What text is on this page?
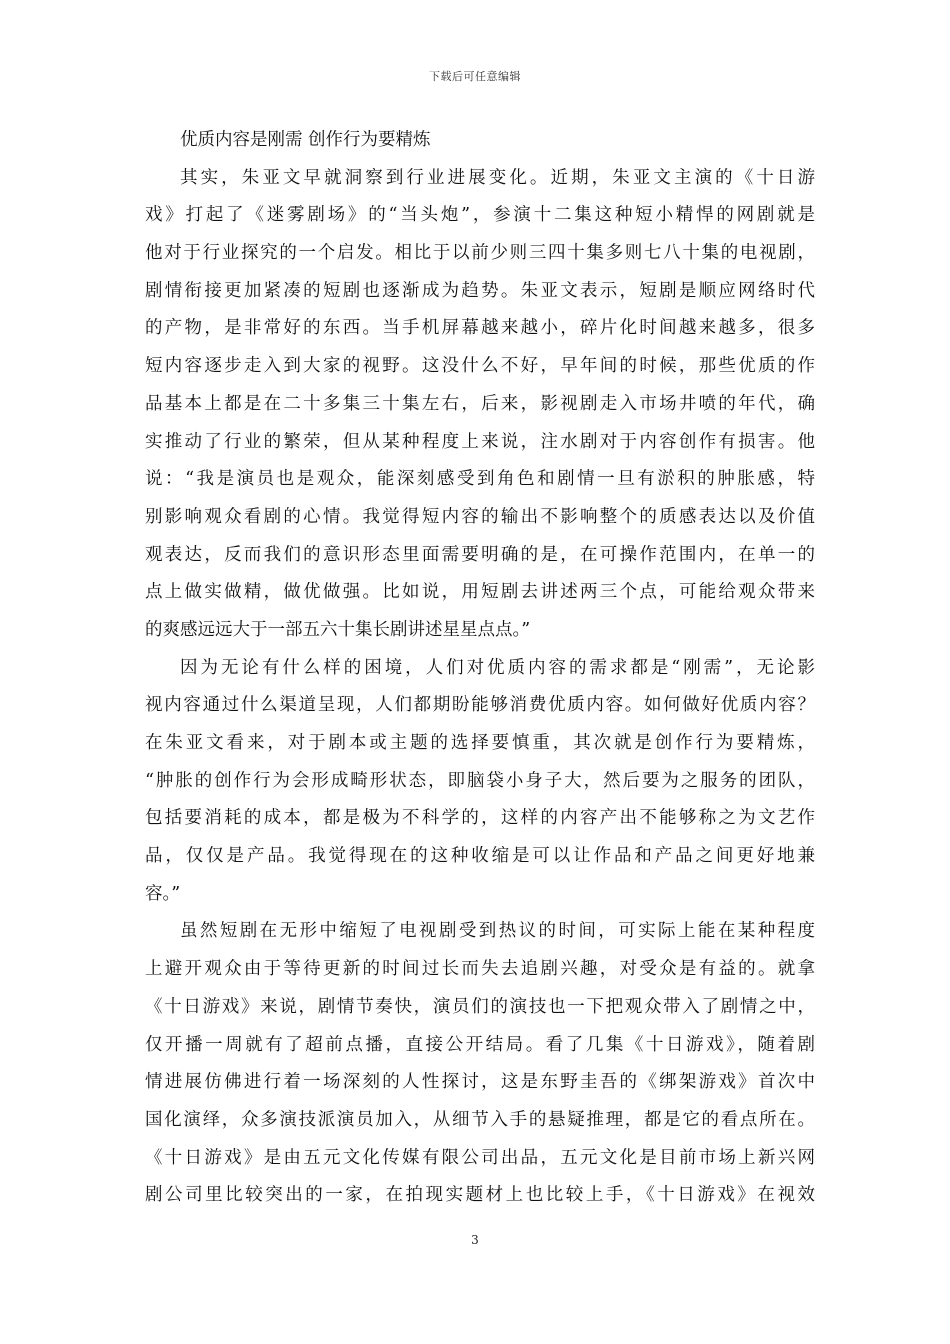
下载后可任意编辑
优质内容是刚需 创作行为要精炼
其实，朱亚文早就洞察到行业进展变化。近期，朱亚文主演的《十日游
戏》打起了《迷雾剧场》的“当头炮”，参演十二集这种短小精悍的网剧就是
他对于行业探究的一个启发。相比于以前少则三四十集多则七八十集的电视剧，
剧情衔接更加紧凑的短剧也逐渐成为趋势。朱亚文表示，短剧是顺应网络时代
的产物，是非常好的东西。当手机屏幕越来越小，碎片化时间越来越多，很多
短内容逐步走入到大家的视野。这没什么不好，早年间的时候，那些优质的作
品基本上都是在二十多集三十集左右，后来，影视剧走入市场井喷的年代，确
实推动了行业的繁荣，但从某种程度上来说，注水剧对于内容创作有损害。他
说：“我是演员也是观众，能深刻感受到角色和剧情一旦有淤积的肿胀感，特
别影响观众看剧的心情。我觉得短内容的输出不影响整个的质感表达以及价值
观表达，反而我们的意识形态里面需要明确的是，在可操作范围内，在单一的
点上做实做精，做优做强。比如说，用短剧去讲述两三个点，可能给观众带来
的爽感远远大于一部五六十集长剧讲述星星点点。”
因为无论有什么样的困境，人们对优质内容的需求都是“刚需”，无论影
视内容通过什么渠道呈现，人们都期盼能够消费优质内容。如何做好优质内容？
在朱亚文看来，对于剧本或主题的选择要慎重，其次就是创作行为要精炼，
“肿胀的创作行为会形成畸形状态，即脑袋小身子大，然后要为之服务的团队，
包括要消耗的成本，都是极为不科学的，这样的内容产出不能够称之为文艺作
品，仅仅是产品。我觉得现在的这种收缩是可以让作品和产品之间更好地兼
容。”
虽然短剧在无形中缩短了电视剧受到热议的时间，可实际上能在某种程度
上避开观众由于等待更新的时间过长而失去追剧兴趣，对受众是有益的。就拿
《十日游戏》来说，剧情节奏快，演员们的演技也一下把观众带入了剧情之中，
仅开播一周就有了超前点播，直接公开结局。看了几集《十日游戏》，随着剧
情进展仿佛进行着一场深刻的人性探讨，这是东野圭吾的《绑架游戏》首次中
国化演绎，众多演技派演员加入，从细节入手的悬疑推理，都是它的看点所在。
《十日游戏》是由五元文化传媒有限公司出品，五元文化是目前市场上新兴网
剧公司里比较突出的一家，在拍现实题材上也比较上手，《十日游戏》在视效
3
